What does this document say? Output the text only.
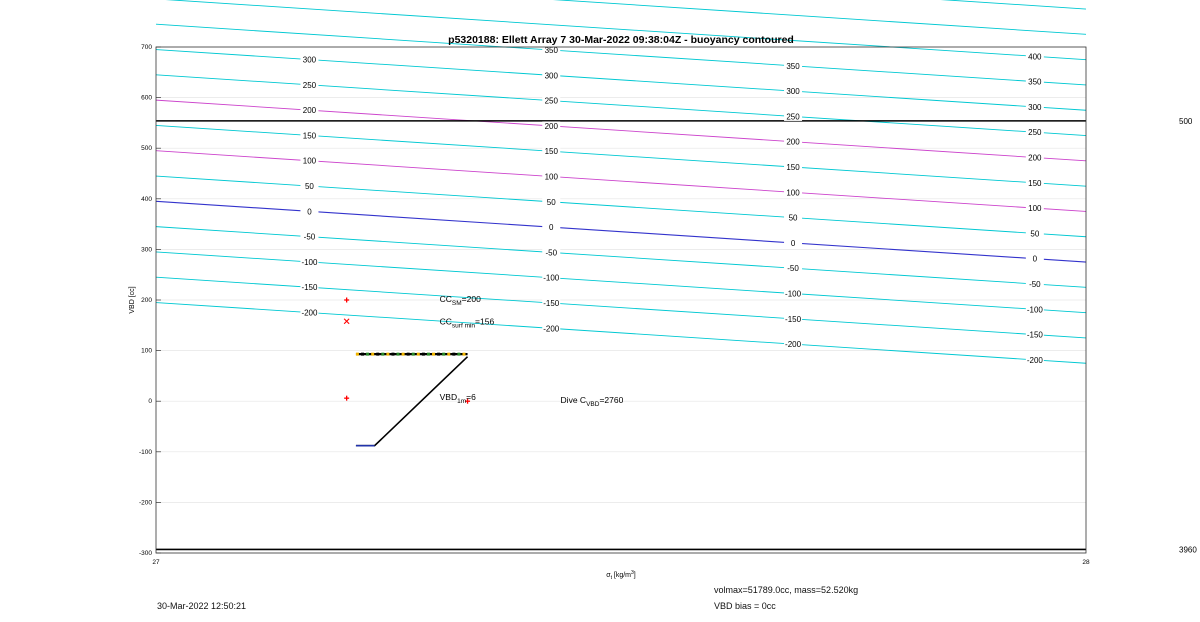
-200
-200
-200
-200
-150
-150
-150
-150
-100
-100
-100
-100
-50
-50
-50
-50
0
0
0
0
50
50
50
50
100
100
100
100
150
150
150
150
200
200
200
200
250
250
250
250
300
300
300
300
350
350
350
400
$CC_{SM}=200$
$CC_{surf min}=156$
$VBD_{1m}=6$	Dive $C_{VBD}=2760$
700
600
500
400
300
200
100
0
-100
-200
-300
27	28
500
3960
p5320188: Ellett Array 7 30-Mar-2022 09:38:04Z - buoyancy contoured
VBD [cc]
$\sigma_t$ $[kg/m^3]$
volmax=51789.0cc, mass=52.520kg
VBD bias = 0cc
30-Mar-2022 12:50:21
